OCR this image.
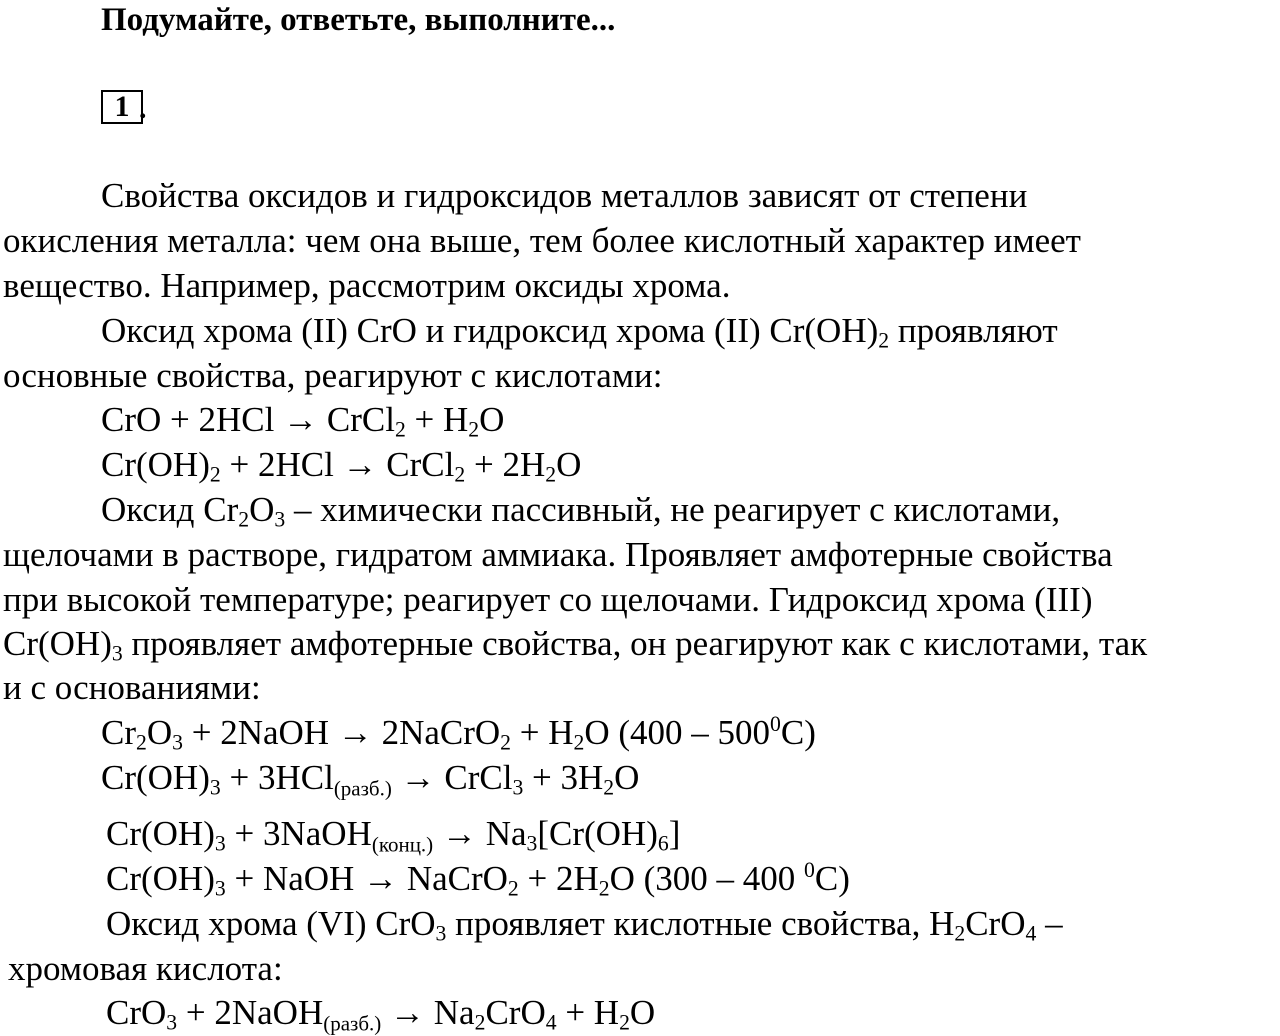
Подумайте, ответьте, выполните...
1 .
Свойства оксидов и гидроксидов металлов зависят от степени
окисления металла: чем она выше, тем более кислотный характер имеет
вещество. Например, рассмотрим оксиды хрома.
Оксид хрома (II) CrO и гидроксид хрома (II) $Cr(OH)_2$ проявляют
основные свойства, реагируют с кислотами:
CrO + 2HCl → CrCl$_2$ + $H_2O$
$Cr(OH)_2 + 2HCl$ → CrCl$_2$ + $2H_2O$
Оксид $Cr_2O_3$ – химически пассивный, не реагирует с кислотами,
щелочами в растворе, гидратом аммиака. Проявляет амфотерные свойства
при высокой температуре; реагирует со щелочами. Гидроксид хрома (III)
$Cr(OH)_3$ проявляет амфотерные свойства, он реагируют как с кислотами, так
и с основаниями:
$Cr_2O_3$ + 2NaOH → 2NaCrO$_2$ + $H_2O$ $(400 - 500^0C)$
$Cr(OH)_3 + 3HCl_{(разб.)}$ → CrCl$_3$ + $3H_2O$
$Cr(OH)_3$ + 3NaOH$_{(конц.)}$ → $Na_3[Cr(OH)_6]$
$Cr(OH)_3$ + NaOH → NaCrO$_2$ + $2H_2O$ (300 – 400 $^0$C)
Оксид хрома (VI) CrO$_3$ проявляет кислотные свойства, $H_2CrO_4$ –
хромовая кислота:
CrO$_3$ + 2NaOH$_{(разб.)}$ → $Na_2CrO_4 + H_2O$
